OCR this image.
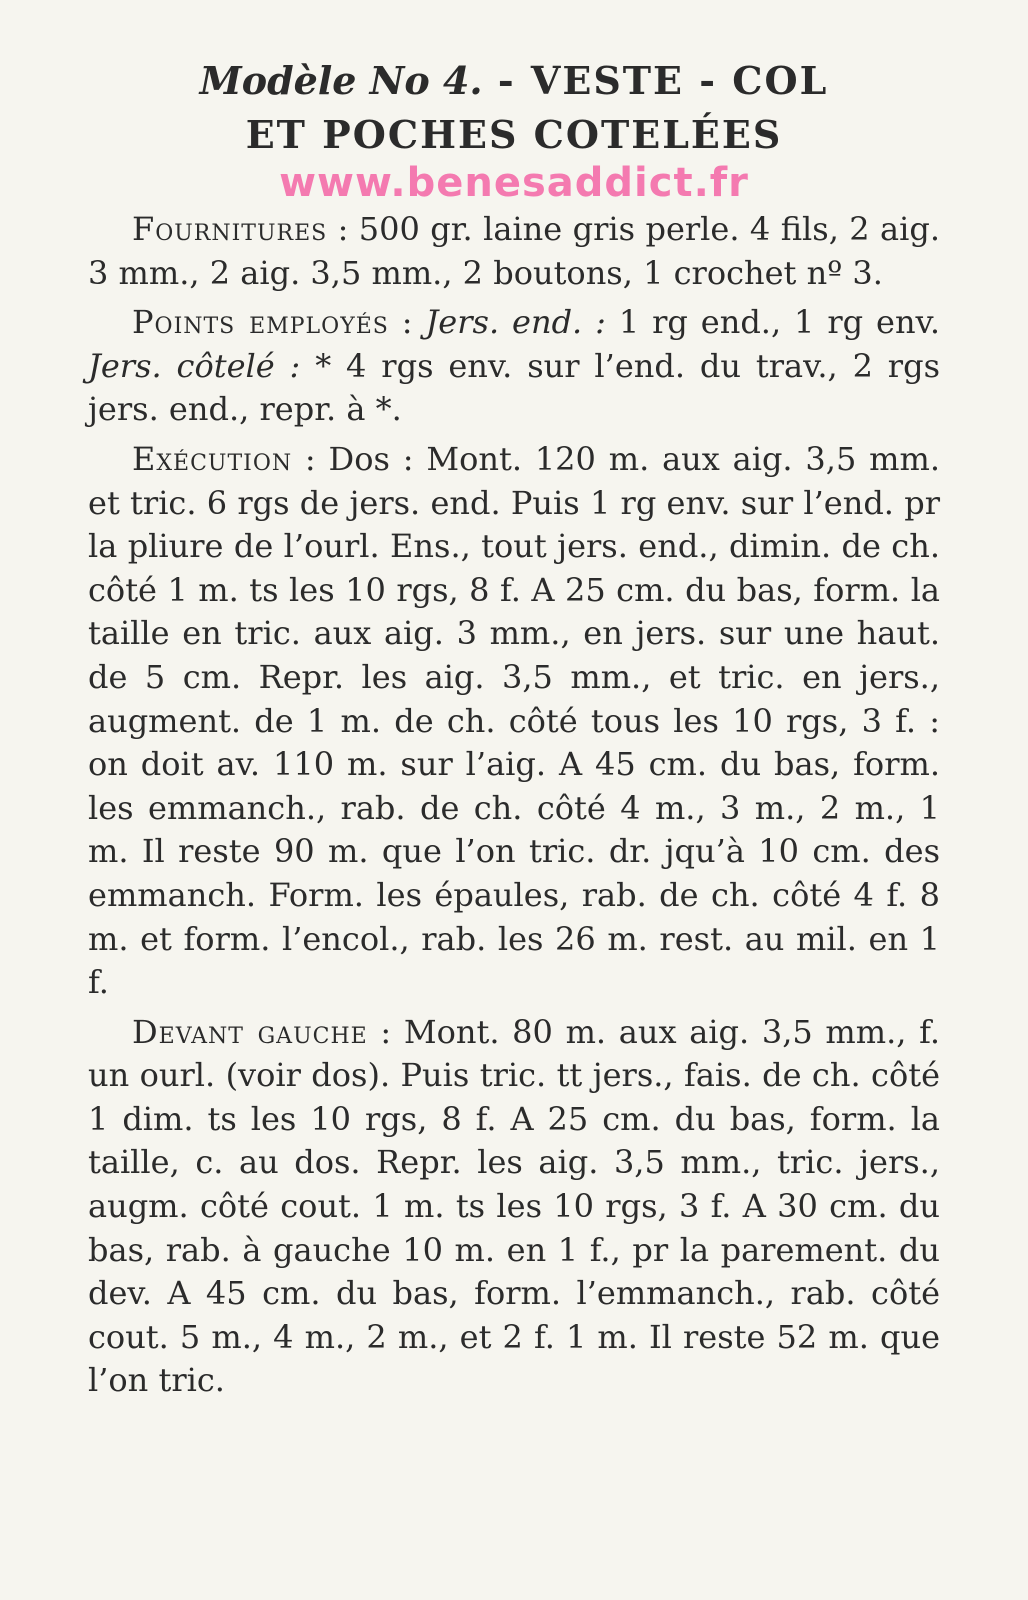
Modèle No 4. - VESTE - COL
ET POCHES COTELÉES
www.benesaddict.fr

Fournitures : 500 gr. laine gris perle. 4 fils, 2 aig. 3 mm., 2 aig. 3,5 mm., 2 boutons, 1 crochet nº 3.

Points employés : Jers. end. : 1 rg end., 1 rg env. Jers. côtelé : * 4 rgs env. sur l’end. du trav., 2 rgs jers. end., repr. à *.

Exécution : Dos : Mont. 120 m. aux aig. 3,5 mm. et tric. 6 rgs de jers. end. Puis 1 rg env. sur l’end. pr la pliure de l’ourl. Ens., tout jers. end., dimin. de ch. côté 1 m. ts les 10 rgs, 8 f. A 25 cm. du bas, form. la taille en tric. aux aig. 3 mm., en jers. sur une haut. de 5 cm. Repr. les aig. 3,5 mm., et tric. en jers., augment. de 1 m. de ch. côté tous les 10 rgs, 3 f. : on doit av. 110 m. sur l’aig. A 45 cm. du bas, form. les emmanch., rab. de ch. côté 4 m., 3 m., 2 m., 1 m. Il reste 90 m. que l’on tric. dr. jqu’à 10 cm. des emmanch. Form. les épaules, rab. de ch. côté 4 f. 8 m. et form. l’encol., rab. les 26 m. rest. au mil. en 1 f.

Devant gauche : Mont. 80 m. aux aig. 3,5 mm., f. un ourl. (voir dos). Puis tric. tt jers., fais. de ch. côté 1 dim. ts les 10 rgs, 8 f. A 25 cm. du bas, form. la taille, c. au dos. Repr. les aig. 3,5 mm., tric. jers., augm. côté cout. 1 m. ts les 10 rgs, 3 f. A 30 cm. du bas, rab. à gauche 10 m. en 1 f., pr la parement. du dev. A 45 cm. du bas, form. l’emmanch., rab. côté cout. 5 m., 4 m., 2 m., et 2 f. 1 m. Il reste 52 m. que l’on tric.
